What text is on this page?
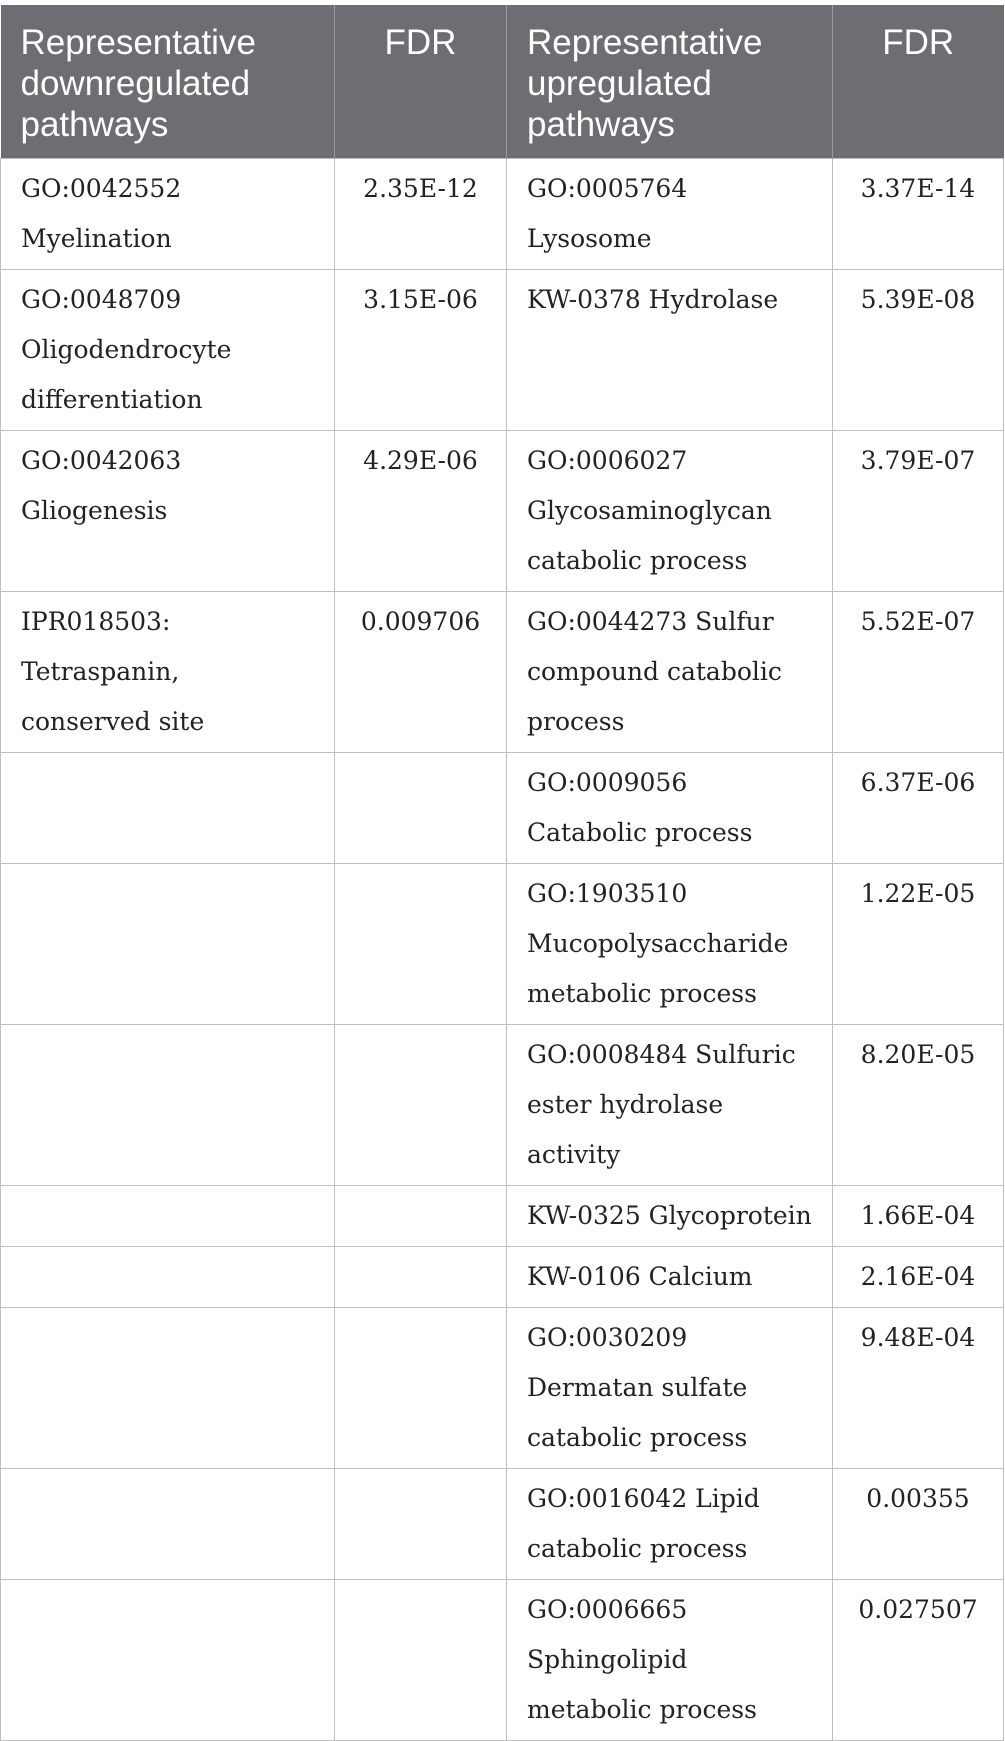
Representative downregulated pathways	FDR	Representative upregulated pathways	FDR
GO:0042552 Myelination	2.35E-12	GO:0005764 Lysosome	3.37E-14
GO:0048709 Oligodendrocyte differentiation	3.15E-06	KW-0378 Hydrolase	5.39E-08
GO:0042063 Gliogenesis	4.29E-06	GO:0006027 Glycosaminoglycan catabolic process	3.79E-07
IPR018503: Tetraspanin, conserved site	0.009706	GO:0044273 Sulfur compound catabolic process	5.52E-07
		GO:0009056 Catabolic process	6.37E-06
		GO:1903510 Mucopolysaccharide metabolic process	1.22E-05
		GO:0008484 Sulfuric ester hydrolase activity	8.20E-05
		KW-0325 Glycoprotein	1.66E-04
		KW-0106 Calcium	2.16E-04
		GO:0030209 Dermatan sulfate catabolic process	9.48E-04
		GO:0016042 Lipid catabolic process	0.00355
		GO:0006665 Sphingolipid metabolic process	0.027507
